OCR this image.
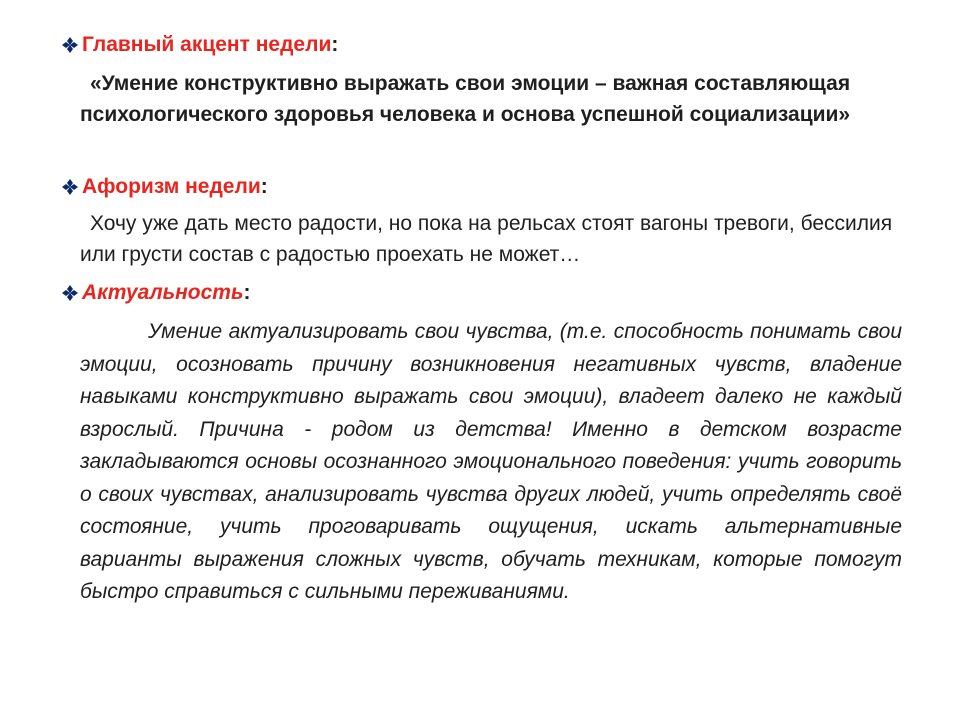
Главный акцент недели :
«Умение конструктивно выражать свои эмоции – важная составляющая психологического здоровья человека и основа успешной социализации»
Афоризм недели :
Хочу уже дать место радости, но пока на рельсах стоят вагоны тревоги, бессилия или грусти состав с радостью проехать не может…
Актуальность :
Умение актуализировать свои чувства, (т.е. способность понимать свои эмоции, осозновать причину возникновения негативных чувств, владение навыками конструктивно выражать свои эмоции), владеет далеко не каждый взрослый. Причина - родом из детства! Именно в детском возрасте закладываются основы осознанного эмоционального поведения: учить говорить о своих чувствах, анализировать чувства других людей, учить определять своё состояние, учить проговаривать ощущения, искать альтернативные варианты выражения сложных чувств, обучать техникам, которые помогут быстро справиться с сильными переживаниями.
